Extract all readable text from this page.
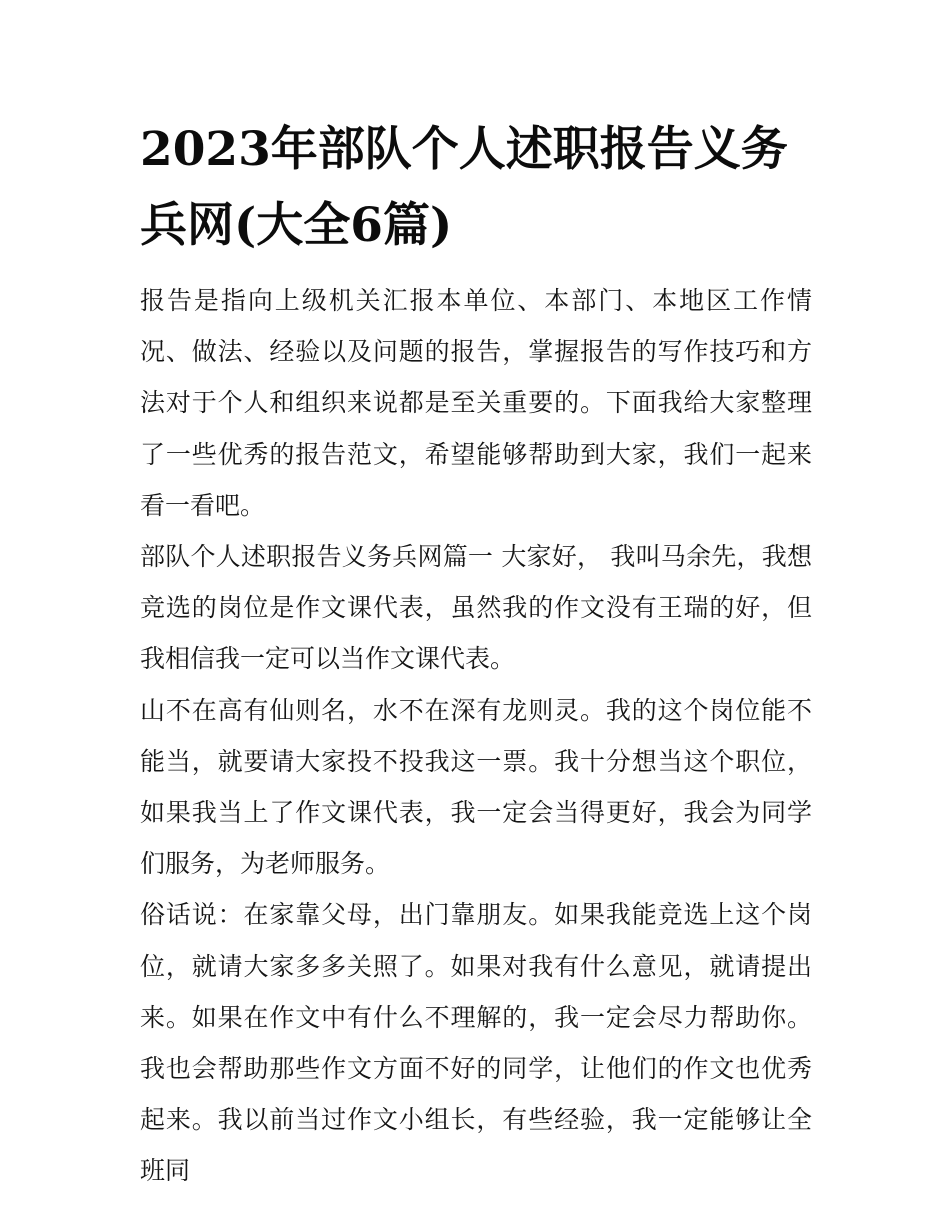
2023年部队个人述职报告义务兵网(大全6篇)

报告是指向上级机关汇报本单位、本部门、本地区工作情况、做法、经验以及问题的报告，掌握报告的写作技巧和方法对于个人和组织来说都是至关重要的。下面我给大家整理了一些优秀的报告范文，希望能够帮助到大家，我们一起来看一看吧。

部队个人述职报告义务兵网篇一 大家好， 我叫马余先，我想竞选的岗位是作文课代表，虽然我的作文没有王瑞的好，但我相信我一定可以当作文课代表。

山不在高有仙则名，水不在深有龙则灵。我的这个岗位能不能当，就要请大家投不投我这一票。我十分想当这个职位，如果我当上了作文课代表，我一定会当得更好，我会为同学们服务，为老师服务。

俗话说：在家靠父母，出门靠朋友。如果我能竞选上这个岗位，就请大家多多关照了。如果对我有什么意见，就请提出来。如果在作文中有什么不理解的，我一定会尽力帮助你。我也会帮助那些作文方面不好的同学，让他们的作文也优秀起来。我以前当过作文小组长，有些经验，我一定能够让全班同
